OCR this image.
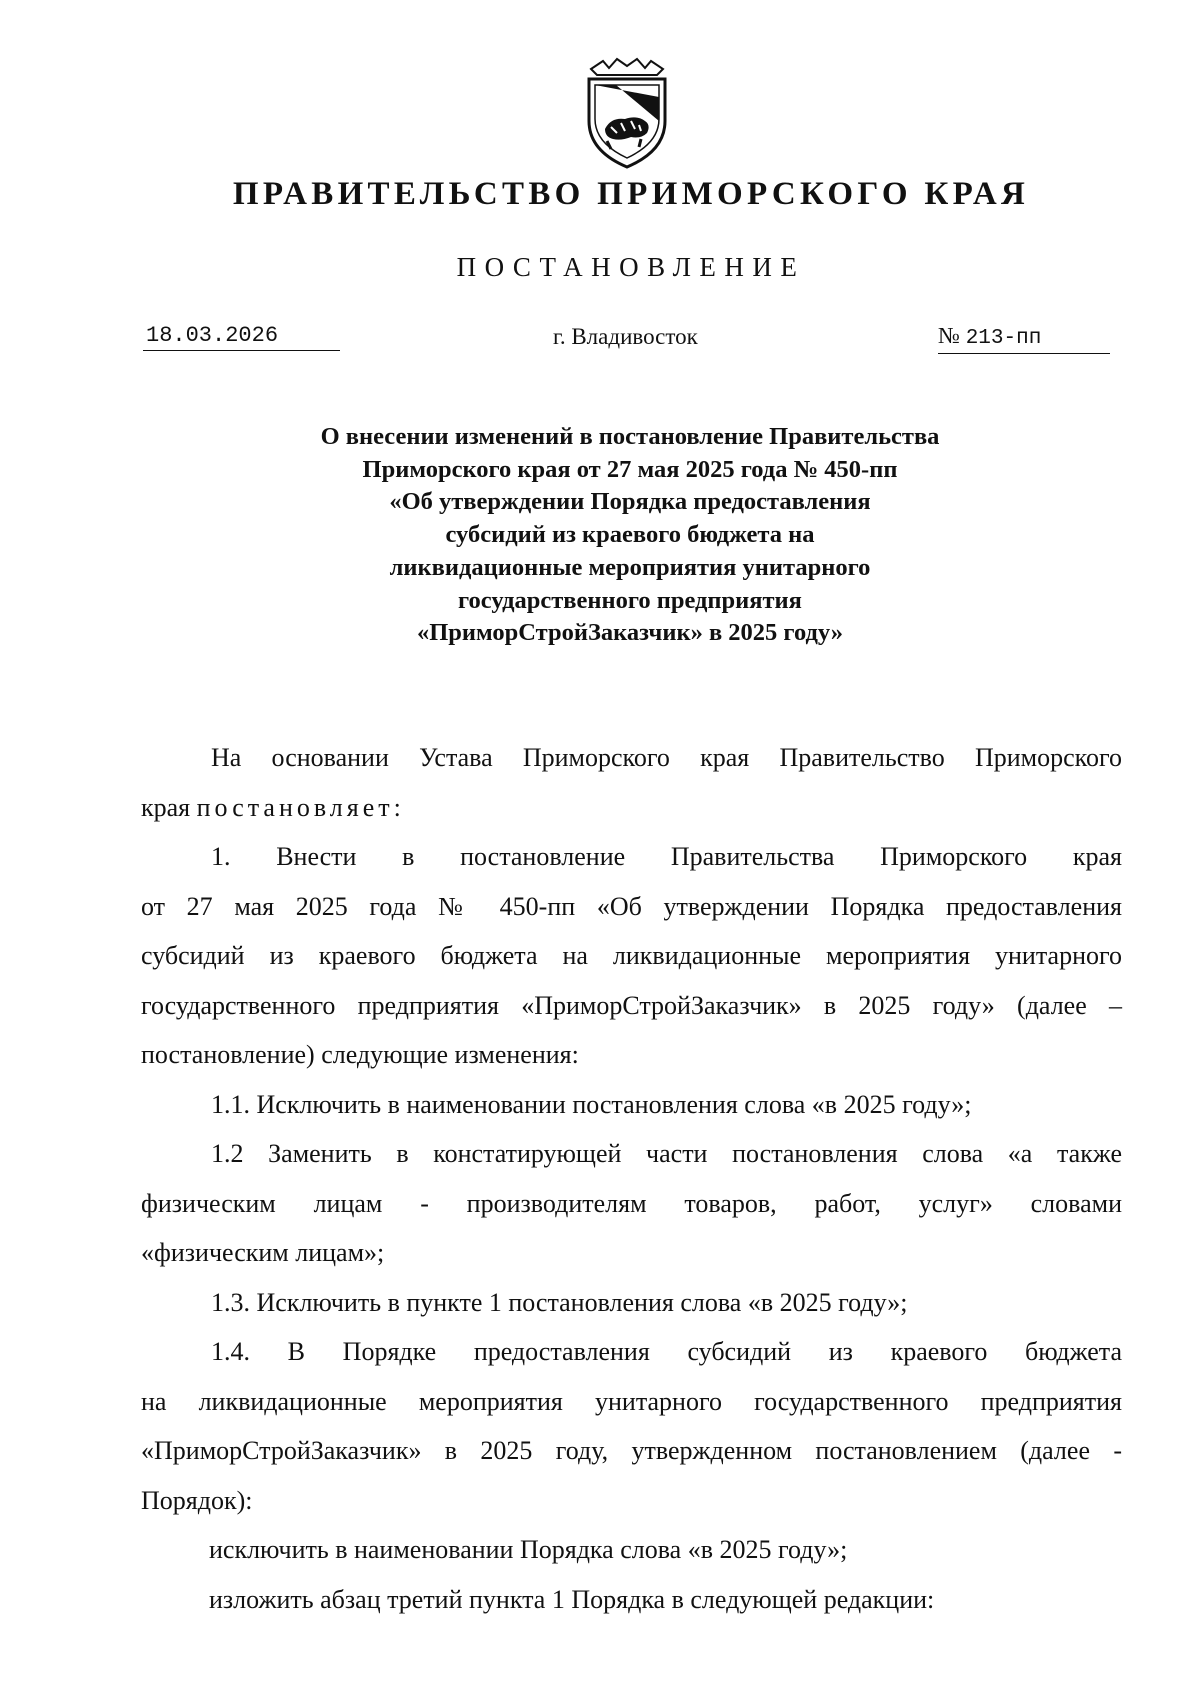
ПРАВИТЕЛЬСТВО ПРИМОРСКОГО КРАЯ
ПОСТАНОВЛЕНИЕ
18.03.2026	г. Владивосток	№ 213-пп
О внесении изменений в постановление Правительства
Приморского края от 27 мая 2025 года № 450-пп
«Об утверждении Порядка предоставления
субсидий из краевого бюджета на
ликвидационные мероприятия унитарного
государственного предприятия
«ПриморСтройЗаказчик» в 2025 году»

На основании Устава Приморского края Правительство Приморского

края постановляет:

1. Внести в постановление Правительства Приморского края

от 27 мая 2025 года № 450-пп «Об утверждении Порядка предоставления

субсидий из краевого бюджета на ликвидационные мероприятия унитарного

государственного предприятия «ПриморСтройЗаказчик» в 2025 году» (далее –

постановление) следующие изменения:

1.1. Исключить в наименовании постановления слова «в 2025 году»;

1.2 Заменить в констатирующей части постановления слова «а также

физическим лицам - производителям товаров, работ, услуг» словами

«физическим лицам»;

1.3. Исключить в пункте 1 постановления слова «в 2025 году»;

1.4. В Порядке предоставления субсидий из краевого бюджета

на ликвидационные мероприятия унитарного государственного предприятия

«ПриморСтройЗаказчик» в 2025 году, утвержденном постановлением (далее -

Порядок):

исключить в наименовании Порядка слова «в 2025 году»;

изложить абзац третий пункта 1 Порядка в следующей редакции:
